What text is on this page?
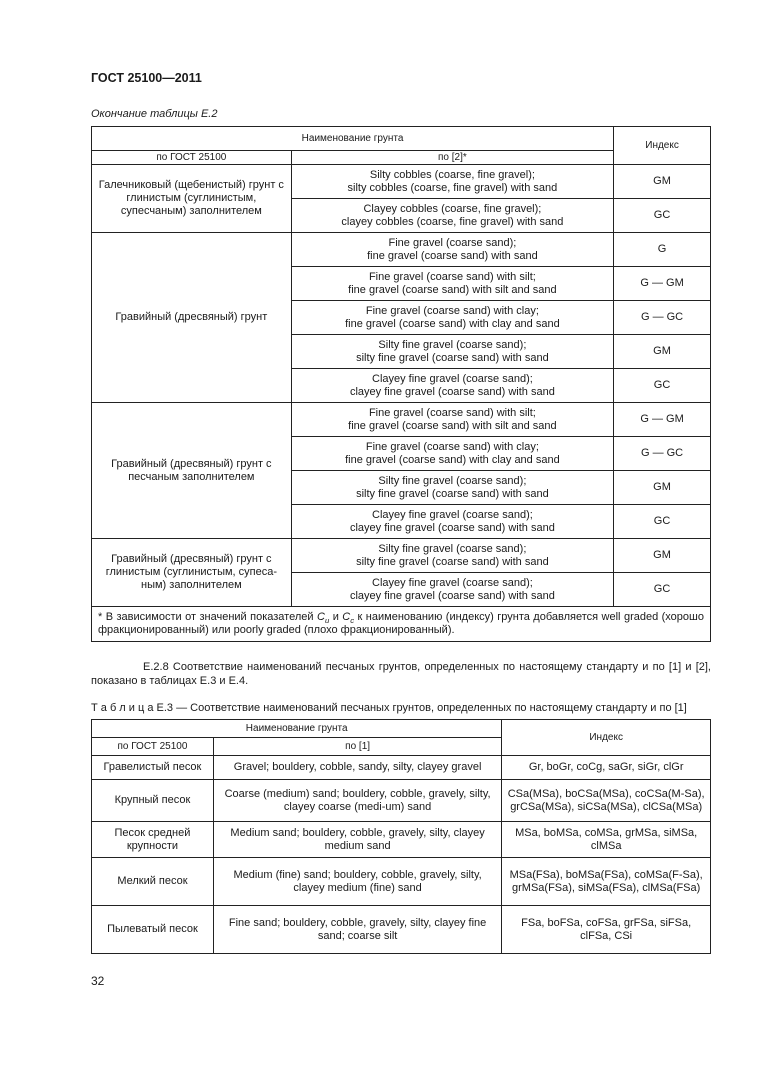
ГОСТ 25100—2011
Окончание таблицы Е.2
Наименование грунта		Индекс
по ГОСТ 25100	по [2]*	
Галечниковый (щебенистый) грунт с глинистым (суглинистым, супесчаным) заполнителем	Silty cobbles (coarse, fine gravel);
silty cobbles (coarse, fine gravel) with sand	GM

	Clayey cobbles (coarse, fine gravel);
clayey cobbles (coarse, fine gravel) with sand	GC
Гравийный (дресвяный) грунт	Fine gravel (coarse sand);
fine gravel (coarse sand) with sand	G

	Fine gravel (coarse sand) with silt;
fine gravel (coarse sand) with silt and sand	G — GM

	Fine gravel (coarse sand) with clay;
fine gravel (coarse sand) with clay and sand	G — GC

	Silty fine gravel (coarse sand);
silty fine gravel (coarse sand) with sand	GM

	Clayey fine gravel (coarse sand);
clayey fine gravel (coarse sand) with sand	GC
Гравийный (дресвяный) грунт с песчаным заполнителем	Fine gravel (coarse sand) with silt;
fine gravel (coarse sand) with silt and sand	G — GM

	Fine gravel (coarse sand) with clay;
fine gravel (coarse sand) with clay and sand	G — GC

	Silty fine gravel (coarse sand);
silty fine gravel (coarse sand) with sand	GM

	Clayey fine gravel (coarse sand);
clayey fine gravel (coarse sand) with sand	GC
Гравийный (дресвяный) грунт с глинистым (суглинистым, супеса-ным) заполнителем	Silty fine gravel (coarse sand);
silty fine gravel (coarse sand) with sand	GM

	Clayey fine gravel (coarse sand);
clayey fine gravel (coarse sand) with sand	GC
* В зависимости от значений показателей $C_u$ и $C_c$ к наименованию (индексу) грунта добавляется well graded (хорошо фракционированный) или poorly graded (плохо фракционированный).		
Е.2.8 Соответствие наименований песчаных грунтов, определенных по настоящему стандарту и по [1] и [2], показано в таблицах Е.3 и Е.4.
Т а б л и ц а Е.3 — Соответствие наименований песчаных грунтов, определенных по настоящему стандарту и по [1]
Наименование грунта		Индекс
по ГОСТ 25100	по [1]	
Гравелистый песок	Gravel; bouldery, cobble, sandy, silty, clayey gravel	Gr, boGr, coCg, saGr, siGr, clGr
Крупный песок	Coarse (medium) sand; bouldery, cobble, gravely, silty, clayey coarse (medi-um) sand	CSa(MSa), boCSa(MSa), coCSa(M-Sa), grCSa(MSa), siCSa(MSa), clCSa(MSa)
Песок средней крупности	Medium sand; bouldery, cobble, gravely, silty, clayey medium sand	MSa, boMSa, coMSa, grMSa, siMSa, clMSa
Мелкий песок	Medium (fine) sand; bouldery, cobble, gravely, silty, clayey medium (fine) sand	MSa(FSa), boMSa(FSa), coMSa(F-Sa), grMSa(FSa), siMSa(FSa), clMSa(FSa)
Пылеватый песок	Fine sand; bouldery, cobble, gravely, silty, clayey fine sand; coarse silt	FSa, boFSa, coFSa, grFSa, siFSa, clFSa, CSi
32
